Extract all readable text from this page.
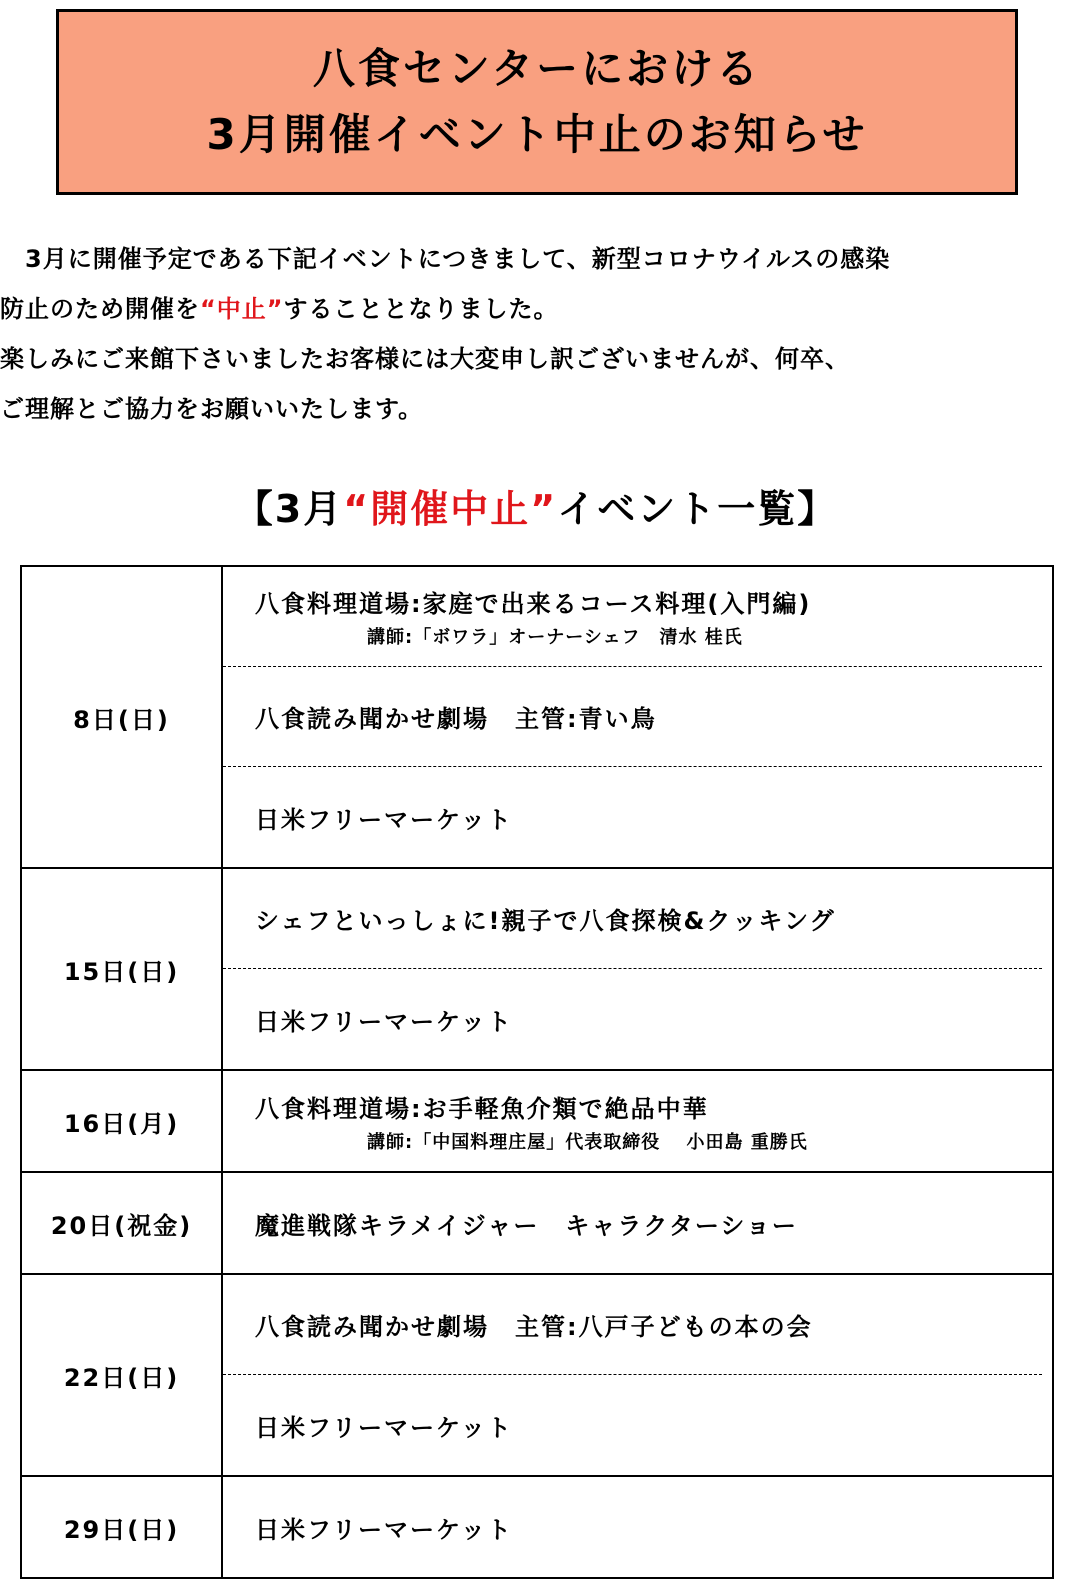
八食センターにおける
3月開催イベント中止のお知らせ

　3月に開催予定である下記イベントにつきまして、新型コロナウイルスの感染

防止のため開催を“中止”することとなりました。

楽しみにご来館下さいましたお客様には大変申し訳ございませんが、何卒、

ご理解とご協力をお願いいたします。

【3月“開催中止”イベント一覧】
8日(日)	八食料理道場:家庭で出来るコース料理(入門編)
講師:「ボワラ」オーナーシェフ　清水 桂氏
八食読み聞かせ劇場　主管:青い鳥
日米フリーマーケット

15日(日)	シェフといっしょに!親子で八食探検&クッキング
日米フリーマーケット

16日(月)	八食料理道場:お手軽魚介類で絶品中華
講師:「中国料理庄屋」代表取締役　 小田島 重勝氏

20日(祝金)	魔進戦隊キラメイジャー　キャラクターショー

22日(日)	八食読み聞かせ劇場　主管:八戸子どもの本の会
日米フリーマーケット

29日(日)	日米フリーマーケット
